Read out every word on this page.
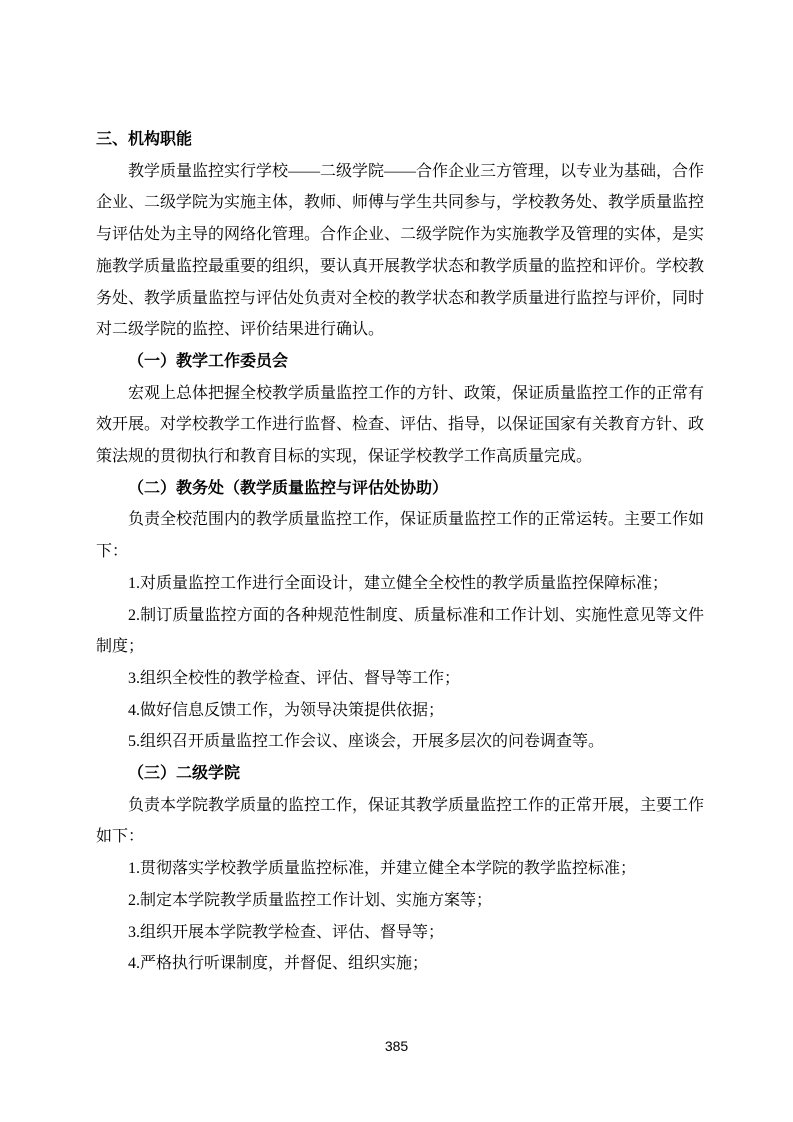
三、机构职能

教学质量监控实行学校——二级学院——合作企业三方管理，以专业为基础，合作企业、二级学院为实施主体，教师、师傅与学生共同参与，学校教务处、教学质量监控与评估处为主导的网络化管理。合作企业、二级学院作为实施教学及管理的实体，是实施教学质量监控最重要的组织，要认真开展教学状态和教学质量的监控和评价。学校教务处、教学质量监控与评估处负责对全校的教学状态和教学质量进行监控与评价，同时对二级学院的监控、评价结果进行确认。

（一）教学工作委员会

宏观上总体把握全校教学质量监控工作的方针、政策，保证质量监控工作的正常有效开展。对学校教学工作进行监督、检查、评估、指导，以保证国家有关教育方针、政策法规的贯彻执行和教育目标的实现，保证学校教学工作高质量完成。

（二）教务处（教学质量监控与评估处协助）

负责全校范围内的教学质量监控工作，保证质量监控工作的正常运转。主要工作如下：

1.对质量监控工作进行全面设计，建立健全全校性的教学质量监控保障标准；

2.制订质量监控方面的各种规范性制度、质量标准和工作计划、实施性意见等文件制度；

3.组织全校性的教学检查、评估、督导等工作；

4.做好信息反馈工作，为领导决策提供依据；

5.组织召开质量监控工作会议、座谈会，开展多层次的问卷调查等。

（三）二级学院

负责本学院教学质量的监控工作，保证其教学质量监控工作的正常开展，主要工作如下：

1.贯彻落实学校教学质量监控标准，并建立健全本学院的教学监控标准；

2.制定本学院教学质量监控工作计划、实施方案等；

3.组织开展本学院教学检查、评估、督导等；

4.严格执行听课制度，并督促、组织实施；

385
